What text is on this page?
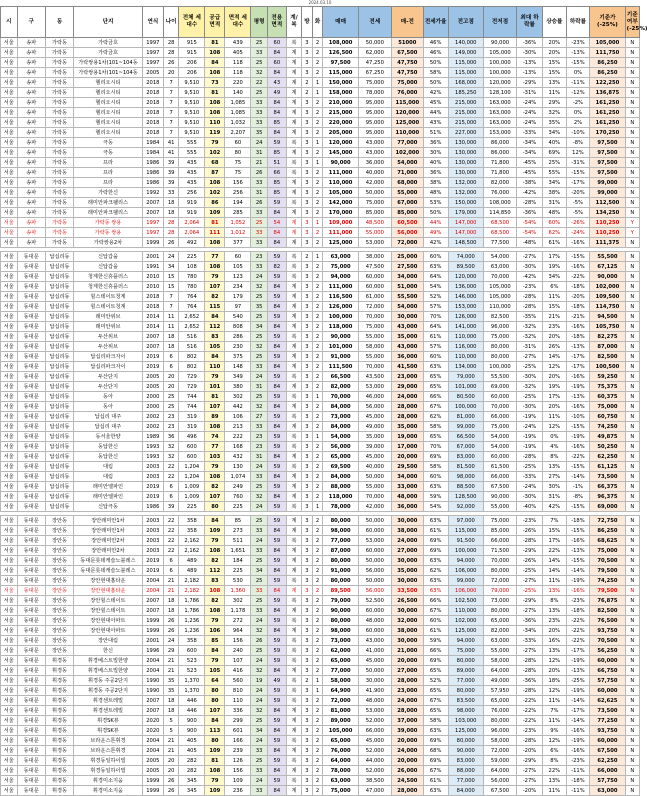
2024.03.10
시	구	동	단지	연식	나이	전체 세대수	공급 면적	면적 세대수	평형	전용 면적	계/복	방	화	매매	전세	매-전	전세가율	전고점	전저점	최대 하락률	상승률	하락률	기준가 (-25%)	기준 여부 (-25%)
서울	송파	가락동	가락금호	1997	28	915	81	439	25	60	복	3	2	108,000	50,000	51000	46%	140,000	90,000	-36%	20%	-23%	105,000	N
서울	송파	가락동	가락금호	1997	28	915	108	405	33	84	계	3	2	126,500	62,000	67,500	46%	149,000	105,000	-30%	20%	-13%	111,750	N
서울	송파	가락동	가락쌍용1차(101~104동	1997	26	206	84	118	25	60	계	3	2	97,500	47,250	47,750	50%	115,000	100,000	-13%	15%	-15%	86,250	N
서울	송파	가락동	가락쌍용1차(101~104동	2005	20	206	108	118	32	84	계	3	2	115,000	67,250	47,750	58%	115,000	100,000	-13%	15%	0%	86,250	N
서울	송파	가락동	헬리오시티	2018	7	9,510	73	220	22	43	계	2	1	150,000	75,000	75,000	50%	168,000	120,000	-29%	13%	-11%	122,250	N
서울	송파	가락동	헬리오시티	2018	7	9,510	81	140	25	49	계	2	1	158,000	78,000	76,000	42%	185,250	128,100	-31%	11%	-12%	136,875	N
서울	송파	가락동	헬리오시티	2018	7	9,510	108	1,085	33	84	계	3	2	210,000	95,000	115,000	45%	215,000	163,000	-24%	29%	-2%	161,250	N
서울	송파	가락동	헬리오시티	2018	7	9,510	108	1,085	33	84	계	3	2	215,000	95,000	120,000	44%	215,000	163,000	-24%	32%	0%	161,250	N
서울	송파	가락동	헬리오시티	2018	7	9,510	110	1,032	33	85	계	3	2	220,000	95,000	125,000	43%	215,000	163,000	-24%	35%	2%	161,250	N
서울	송파	가락동	헬리오시티	2018	7	9,510	119	2,207	35	84	계	3	2	205,000	95,000	110,000	51%	227,000	153,000	-33%	34%	-10%	170,250	N
서울	송파	가락동	극동	1984	41	555	79	60	24	59	복	3	1	120,000	43,000	77,000	36%	130,000	86,000	-34%	40%	-8%	97,500	N
서울	송파	가락동	극동	1984	41	555	102	80	31	85	계	3	2	145,000	43,000	102,000	30%	130,000	86,000	-34%	69%	12%	97,500	N
서울	송파	가락동	프라	1986	39	435	68	75	21	51	복	3	1	90,000	36,000	54,000	40%	130,000	71,800	-45%	25%	-31%	97,500	N
서울	송파	가락동	프라	1986	39	435	87	75	26	66	복	3	2	111,000	40,000	71,000	36%	130,000	71,800	-45%	55%	-15%	97,500	N
서울	송파	가락동	프라	1986	39	435	108	156	33	85	계	3	2	110,000	42,000	68,000	38%	132,000	82,000	-38%	34%	-17%	99,000	N
서울	송파	가락동	가락한신	1992	33	256	102	256	31	85	계	3	2	105,000	50,000	55,000	48%	132,000	76,000	-42%	38%	-20%	99,000	N
서울	송파	가락동	래미안파크팰리스	2007	18	919	86	194	26	59	복	3	2	142,000	75,000	67,000	53%	150,000	108,000	-28%	31%	-5%	112,500	N
서울	송파	가락동	래미안파크팰리스	2007	18	919	109	285	33	84	계	3	2	170,000	85,000	85,000	50%	179,000	114,850	-36%	48%	-5%	134,250	N
서울	송파	가락동	가락동 쌍용	1997	28	2,064	81	1,052	25	54	계	3	1	109,000	48,500	60,500	44%	147,000	68,500	-54%	60%	-26%	110,250	Y
서울	송파	가락동	가락동 쌍용	1997	28	2,064	111	1,012	33	84	계	3	2	111,000	55,000	56,000	49%	147,000	68,500	-54%	62%	-24%	110,250	Y
서울	송파	가락동	가락쌍용2차	1999	26	492	108	377	33	84	계	3	2	125,000	53,000	72,000	42%	148,500	77,500	-48%	61%	-16%	111,375	N

서울	동대문	답십리동	신답갑을	2001	24	225	77	60	23	59	복	2	1	63,000	38,000	25,000	60%	74,000	54,000	-27%	17%	-15%	55,500	N
서울	동대문	답십리동	신답갑을	1991	34	108	108	105	33	82	복	3	2	75,000	47,500	27,500	63%	89,500	63,000	-30%	19%	-16%	67,125	N
서울	동대문	답십리동	청계한신휴플러스	2010	15	780	79	123	24	59	복	3	2	94,000	60,000	34,000	64%	120,000	70,000	-42%	34%	-22%	90,000	N
서울	동대문	답십리동	청계한신휴플러스	2010	15	780	107	234	32	84	계	3	2	111,000	60,000	51,000	54%	136,000	105,000	-23%	6%	-18%	102,000	N
서울	동대문	답십리동	힐스테이트청계	2018	7	764	82	179	25	59	계	3	2	116,500	61,000	55,500	52%	146,000	105,000	-28%	11%	-20%	109,500	N
서울	동대문	답십리동	힐스테이트청계	2018	7	764	115	97	35	84	계	3	2	126,000	72,000	54,000	57%	153,000	110,000	-28%	15%	-18%	114,750	N
서울	동대문	답십리동	래미안위브	2014	11	2,652	84	540	25	59	계	3	2	100,000	70,000	30,000	70%	126,000	82,500	-35%	21%	-21%	94,500	N
서울	동대문	답십리동	래미안위브	2014	11	2,652	112	808	34	84	계	3	2	118,000	75,000	43,000	64%	141,000	96,000	-32%	23%	-16%	105,750	N
서울	동대문	답십리동	두산위브	2007	18	516	83	286	25	59	복	3	2	90,000	55,000	35,000	61%	110,000	75,000	-32%	20%	-18%	82,275	N
서울	동대문	답십리동	두산위브	2007	18	516	105	230	32	84	계	3	2	101,000	58,000	43,000	57%	116,000	80,000	-31%	26%	-13%	87,000	N
서울	동대문	답십리동	답십리파크자이	2019	6	802	84	375	25	59	계	3	2	91,000	55,000	36,000	60%	110,000	80,000	-27%	14%	-17%	82,500	N
서울	동대문	답십리동	답십리파크자이	2019	6	802	110	148	33	84	계	3	2	111,500	70,000	41,500	63%	134,000	100,000	-25%	12%	-17%	100,500	N
서울	동대문	답십리동	두산단지	2005	20	729	79	349	24	59	복	3	2	66,500	43,500	23,000	65%	79,000	55,500	-30%	20%	-16%	59,250	N
서울	동대문	답십리동	두산단지	2005	20	729	101	380	31	84	계	3	2	82,000	53,000	29,000	65%	101,000	69,000	-32%	19%	-19%	75,375	N
서울	동대문	답십리동	동아	2000	25	744	81	302	25	59	복	3	1	70,000	46,000	24,000	66%	80,500	60,000	-25%	17%	-13%	60,375	N
서울	동대문	답십리동	동아	2000	25	744	107	442	32	84	계	3	2	84,000	56,000	28,000	67%	100,000	70,000	-30%	20%	-16%	75,000	N
서울	동대문	답십리동	답십리 대주	2002	23	319	89	106	27	59	복	3	2	73,000	45,000	28,000	62%	81,000	66,000	-19%	11%	-10%	60,750	N
서울	동대문	답십리동	답십리 대주	2002	23	319	108	213	33	84	계	3	2	84,000	49,000	35,000	58%	99,000	75,000	-24%	12%	-15%	74,250	N
서울	동대문	답십리동	동서울한양	1989	36	496	74	222	23	59	복	3	1	54,000	35,000	19,000	65%	66,500	54,000	-19%	0%	-19%	49,875	N
서울	동대문	답십리동	동답한신	1993	32	600	77	168	23	59	복	3	2	56,000	39,000	17,000	70%	67,000	54,000	-19%	4%	-16%	50,250	N
서울	동대문	답십리동	동답한신	1993	32	600	103	432	31	84	계	3	2	65,000	45,000	20,000	69%	83,000	60,000	-28%	8%	-22%	62,250	N
서울	동대문	답십리동	대림	2003	22	1,204	79	130	24	59	복	3	2	69,500	40,000	29,500	58%	81,500	61,500	-25%	13%	-15%	61,125	N
서울	동대문	답십리동	대림	2003	22	1,204	108	1,074	33	84	계	3	2	84,000	50,000	34,000	60%	98,000	66,000	-33%	27%	-14%	73,500	N
서울	동대문	답십리동	래미안엘파인	2019	6	1,009	82	249	25	59	계	3	2	88,000	55,000	33,000	63%	88,500	67,500	-24%	30%	-1%	66,375	N
서울	동대문	답십리동	래미안엘파인	2019	6	1,009	107	760	32	84	계	3	2	118,000	70,000	48,000	59%	128,500	90,000	-30%	31%	-8%	96,375	N
서울	동대문	답십리동	신답극동	1986	39	225	80	225	24	59	복	3	1	78,000	42,000	36,000	54%	92,000	55,000	-40%	42%	-15%	69,000	N

서울	동대문	장안동	장안래미안1차	2003	22	358	84	85	25	59	계	3	2	80,000	50,000	30,000	63%	97,000	75,000	-23%	7%	-18%	72,750	N
서울	동대문	장안동	장안래미안1차	2003	22	358	109	273	33	84	계	3	2	98,000	60,000	38,000	61%	115,000	85,000	-26%	15%	-15%	86,250	N
서울	동대문	장안동	장안래미안2차	2003	22	2,162	79	511	24	59	복	3	2	77,000	53,000	24,000	69%	91,500	66,000	-28%	17%	-16%	68,625	N
서울	동대문	장안동	장안래미안2차	2003	22	2,162	108	1,651	33	84	계	3	2	87,000	60,000	27,000	69%	100,000	71,500	-29%	22%	-13%	75,000	N
서울	동대문	장안동	동대문롯데캐슬노블레스	2019	6	489	82	184	25	59	계	3	2	80,000	50,000	30,000	63%	94,000	70,000	-26%	14%	-15%	70,500	N
서울	동대문	장안동	동대문롯데캐슬노블레스	2019	6	489	112	225	34	84	계	3	2	91,000	56,000	35,000	62%	106,000	80,000	-25%	14%	-14%	79,500	N
서울	동대문	장안동	장안현대홈타운	2004	21	2,182	83	530	25	59	복	3	2	80,000	50,000	30,000	63%	99,000	72,000	-27%	11%	-19%	74,250	N
서울	동대문	장안동	장안현대홈타운	2004	21	2,182	108	1,360	33	84	계	3	2	89,500	56,000	33,500	63%	106,000	79,000	-25%	13%	-16%	79,500	N
서울	동대문	장안동	장안힐스테이트	2007	18	1,786	82	302	25	59	복	3	2	79,000	52,500	26,500	66%	102,500	73,000	-29%	8%	-23%	76,875	N
서울	동대문	장안동	장안힐스테이트	2007	18	1,786	108	1,178	33	84	계	3	2	90,000	60,000	30,000	67%	110,000	80,000	-27%	13%	-18%	82,500	N
서울	동대문	장안동	장안현대아파트	1999	26	1,236	79	272	24	59	복	3	2	80,000	48,000	32,000	60%	102,000	65,000	-36%	23%	-22%	76,500	N
서울	동대문	장안동	장안현대아파트	1999	26	1,236	106	964	32	84	계	3	2	98,000	60,000	38,000	61%	125,000	82,000	-34%	20%	-22%	93,750	N
서울	동대문	장안동	장안대림	2001	24	358	85	156	26	59	복	3	2	73,000	43,000	30,000	59%	94,000	63,000	-33%	16%	-22%	70,500	N
서울	동대문	장안동	한신	1996	29	600	84	240	25	59	복	3	2	62,000	41,000	21,000	66%	75,000	55,000	-27%	13%	-17%	56,250	N
서울	동대문	휘경동	휘경베스트빌한양	2004	21	523	79	107	24	59	복	3	2	65,000	45,000	20,000	69%	80,000	58,000	-28%	12%	-19%	60,000	N
서울	동대문	휘경동	휘경베스트빌한양	2004	21	523	105	416	32	84	계	3	2	77,000	50,000	27,000	65%	89,000	64,000	-28%	20%	-13%	66,750	N
서울	동대문	휘경동	휘경동 주공2단지	1990	35	1,370	64	560	19	49	복	2	1	58,000	30,000	28,000	52%	77,000	49,000	-36%	18%	-25%	57,750	N
서울	동대문	휘경동	휘경동 주공2단지	1990	35	1,370	80	810	24	59	복	3	1	64,900	41,900	23,000	65%	80,000	57,950	-28%	12%	-19%	60,000	N
서울	동대문	휘경동	휘경센트레빌	2007	18	446	80	110	24	59	복	3	2	72,000	48,000	24,000	67%	83,500	65,000	-22%	11%	-14%	62,625	N
서울	동대문	휘경동	휘경센트레빌	2007	18	446	107	336	32	84	계	3	2	81,000	53,000	28,000	65%	98,000	76,000	-22%	7%	-17%	73,500	N
서울	동대문	휘경동	휘경SK뷰	2020	5	900	84	299	25	59	계	3	2	89,000	52,000	37,000	58%	103,000	80,000	-22%	11%	-14%	77,250	N
서울	동대문	휘경동	휘경SK뷰	2020	5	900	113	601	34	84	계	3	2	105,000	66,000	39,000	63%	125,000	96,000	-23%	9%	-16%	93,750	N
서울	동대문	휘경동	브라운스톤휘경	2004	21	405	80	166	24	59	복	3	2	65,000	45,000	20,000	69%	80,000	58,000	-28%	12%	-19%	60,000	N
서울	동대문	휘경동	브라운스톤휘경	2004	21	405	109	239	33	84	계	3	2	76,000	52,000	24,000	68%	90,000	72,000	-20%	6%	-16%	67,500	N
서울	동대문	휘경동	휘경동일하이빌	2005	20	282	81	126	25	59	복	3	2	64,000	44,000	20,000	69%	83,000	59,000	-29%	8%	-23%	62,250	N
서울	동대문	휘경동	휘경동일하이빌	2005	20	282	108	156	33	84	계	3	2	78,000	52,000	26,000	67%	88,000	64,000	-27%	22%	-11%	66,000	N
서울	동대문	휘경동	휘경미소지움	1999	26	345	79	109	24	59	복	3	2	63,000	38,500	24,500	61%	77,000	56,000	-27%	13%	-18%	57,750	N
서울	동대문	휘경동	휘경미소지움	1999	26	345	109	236	33	84	계	3	2	75,000	47,000	28,000	63%	84,000	67,500	-20%	11%	-11%	63,000	N
